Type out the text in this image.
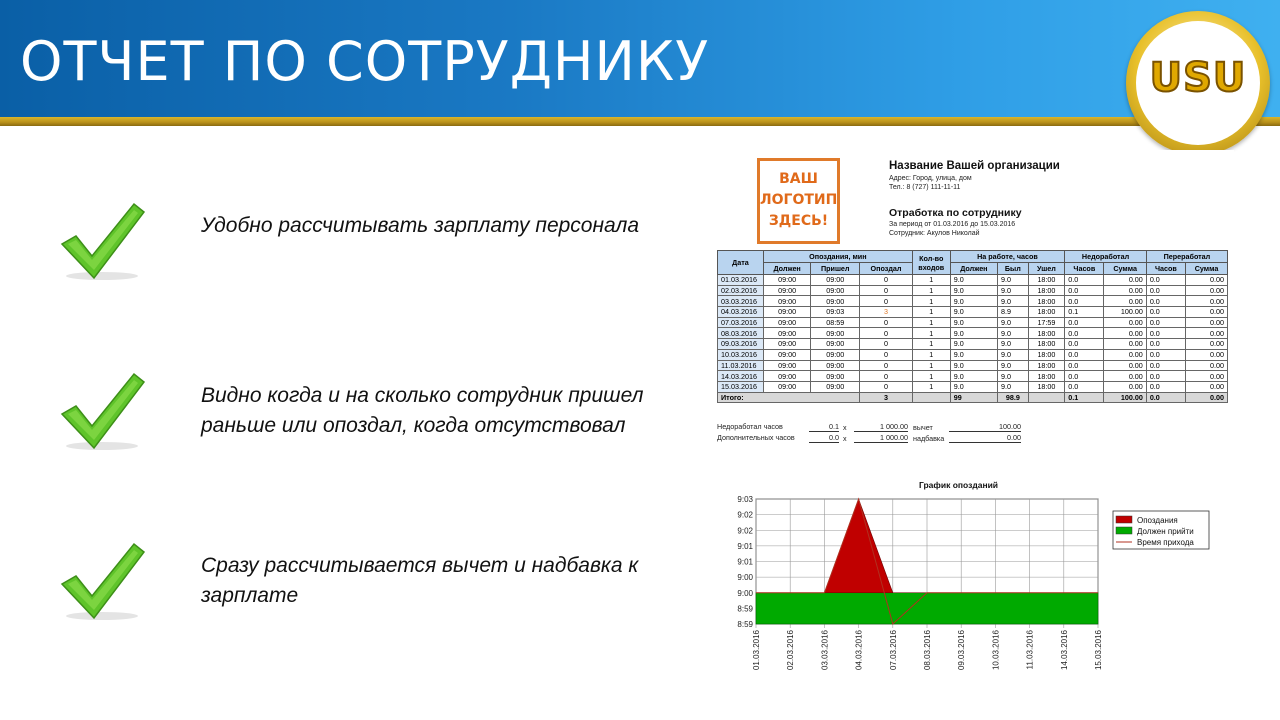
ОТЧЕТ ПО СОТРУДНИКУ	USU
Удобно рассчитывать зарплату персонала
Видно когда и на сколько сотрудник пришел раньше или опоздал, когда отсутствовал
Сразу рассчитывается вычет и надбавка к зарплате
ВАШ
ЛОГОТИП
ЗДЕСЬ!
Название Вашей организации
Адрес: Город, улица, дом
Тел.: 8 (727) 111-11-11
Отработка по сотруднику
За период от 01.03.2016 до 15.03.2016
Сотрудник: Акулов Николай
Дата	Опоздания, мин			Кол-во входов	На работе, часов			Недоработал		Переработал	
	Должен	Пришел	Опоздал		Должен	Был	Ушел	Часов	Сумма	Часов	Сумма
01.03.2016	09:00	09:00	0	1	9.0	9.0	18:00	0.0	0.00	0.0	0.00
02.03.2016	09:00	09:00	0	1	9.0	9.0	18:00	0.0	0.00	0.0	0.00
03.03.2016	09:00	09:00	0	1	9.0	9.0	18:00	0.0	0.00	0.0	0.00
04.03.2016	09:00	09:03	3	1	9.0	8.9	18:00	0.1	100.00	0.0	0.00
07.03.2016	09:00	08:59	0	1	9.0	9.0	17:59	0.0	0.00	0.0	0.00
08.03.2016	09:00	09:00	0	1	9.0	9.0	18:00	0.0	0.00	0.0	0.00
09.03.2016	09:00	09:00	0	1	9.0	9.0	18:00	0.0	0.00	0.0	0.00
10.03.2016	09:00	09:00	0	1	9.0	9.0	18:00	0.0	0.00	0.0	0.00
11.03.2016	09:00	09:00	0	1	9.0	9.0	18:00	0.0	0.00	0.0	0.00
14.03.2016	09:00	09:00	0	1	9.0	9.0	18:00	0.0	0.00	0.0	0.00
15.03.2016	09:00	09:00	0	1	9.0	9.0	18:00	0.0	0.00	0.0	0.00
Итого:			3		99	98.9		0.1	100.00	0.0	0.00
Недоработал часов	0.1 x	1 000.00 вычет	100.00
Дополнительных часов	0.0 x	1 000.00 надбавка	0.00
График опозданий
9:03
9:02
9:02
9:01
9:01
9:00
9:00
8:59
8:59
01.03.2016	02.03.2016	03.03.2016	04.03.2016	07.03.2016	08.03.2016	09.03.2016	10.03.2016	11.03.2016	14.03.2016	15.03.2016
Опоздания
Должен прийти
Время прихода
